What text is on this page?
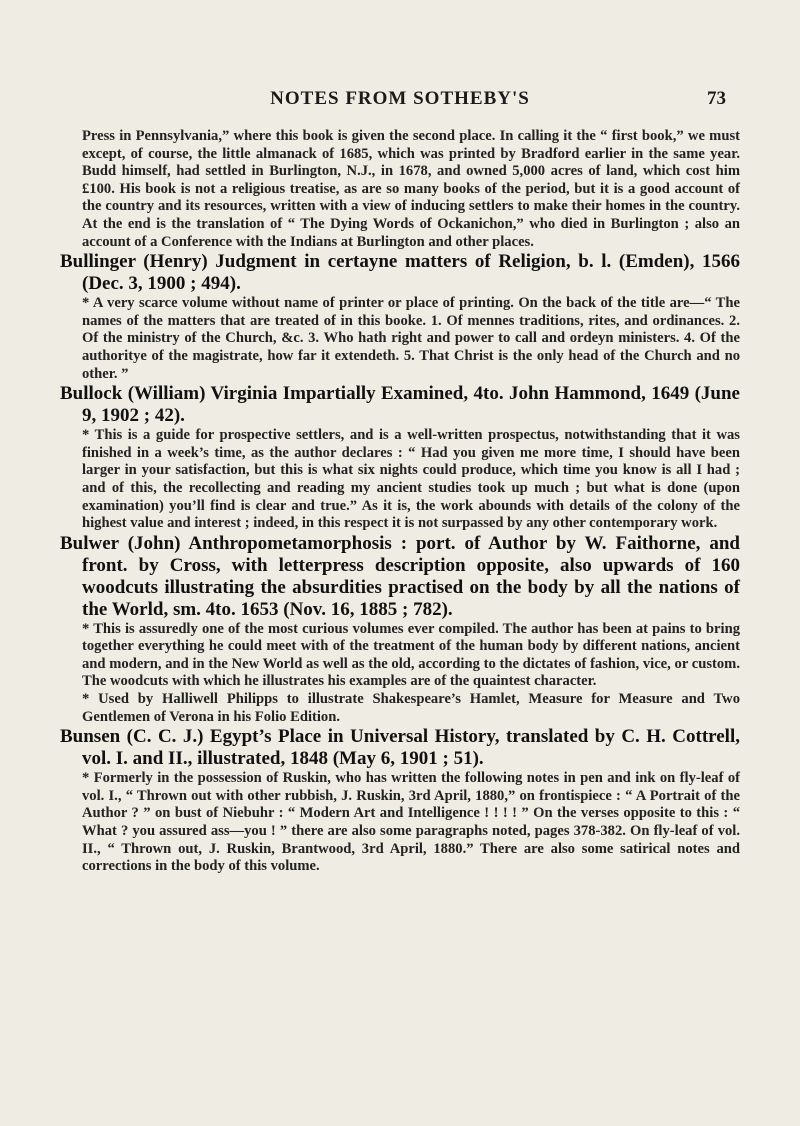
NOTES FROM SOTHEBY'S	73

Press in Pennsylvania,” where this book is given the second place. In calling it the “ first book,” we must except, of course, the little almanack of 1685, which was printed by Bradford earlier in the same year. Budd himself, had settled in Burlington, N.J., in 1678, and owned 5,000 acres of land, which cost him £100. His book is not a religious treatise, as are so many books of the period, but it is a good account of the country and its resources, written with a view of inducing settlers to make their homes in the country. At the end is the translation of “ The Dying Words of Ockanichon,” who died in Burlington ; also an account of a Conference with the Indians at Burlington and other places.

Bullinger (Henry) Judgment in certayne matters of Religion, b. l. (Emden), 1566 (Dec. 3, 1900 ; 494).

* A very scarce volume without name of printer or place of printing. On the back of the title are—“ The names of the matters that are treated of in this booke. 1. Of mennes traditions, rites, and ordinances. 2. Of the ministry of the Church, &c. 3. Who hath right and power to call and ordeyn ministers. 4. Of the authoritye of the magistrate, how far it extendeth. 5. That Christ is the only head of the Church and no other. ”

Bullock (William) Virginia Impartially Examined, 4to. John Hammond, 1649 (June 9, 1902 ; 42).

* This is a guide for prospective settlers, and is a well-written prospectus, notwithstanding that it was finished in a week’s time, as the author declares : “ Had you given me more time, I should have been larger in your satisfaction, but this is what six nights could produce, which time you know is all I had ; and of this, the recollecting and reading my ancient studies took up much ; but what is done (upon examination) you’ll find is clear and true.” As it is, the work abounds with details of the colony of the highest value and interest ; indeed, in this respect it is not surpassed by any other contemporary work.

Bulwer (John) Anthropometamorphosis : port. of Author by W. Faithorne, and front. by Cross, with letterpress description opposite, also upwards of 160 woodcuts illustrating the absurdities practised on the body by all the nations of the World, sm. 4to. 1653 (Nov. 16, 1885 ; 782).

* This is assuredly one of the most curious volumes ever compiled. The author has been at pains to bring together everything he could meet with of the treatment of the human body by different nations, ancient and modern, and in the New World as well as the old, according to the dictates of fashion, vice, or custom. The woodcuts with which he illustrates his examples are of the quaintest character.

* Used by Halliwell Philipps to illustrate Shakespeare’s Hamlet, Measure for Measure and Two Gentlemen of Verona in his Folio Edition.

Bunsen (C. C. J.) Egypt’s Place in Universal History, translated by C. H. Cottrell, vol. I. and II., illustrated, 1848 (May 6, 1901 ; 51).

* Formerly in the possession of Ruskin, who has written the following notes in pen and ink on fly-leaf of vol. I., “ Thrown out with other rubbish, J. Ruskin, 3rd April, 1880,” on frontispiece : “ A Portrait of the Author ? ” on bust of Niebuhr : “ Modern Art and Intelligence ! ! ! ! ” On the verses opposite to this : “ What ? you assured ass—you ! ” there are also some paragraphs noted, pages 378-382. On fly-leaf of vol. II., “ Thrown out, J. Ruskin, Brantwood, 3rd April, 1880.” There are also some satirical notes and corrections in the body of this volume.
